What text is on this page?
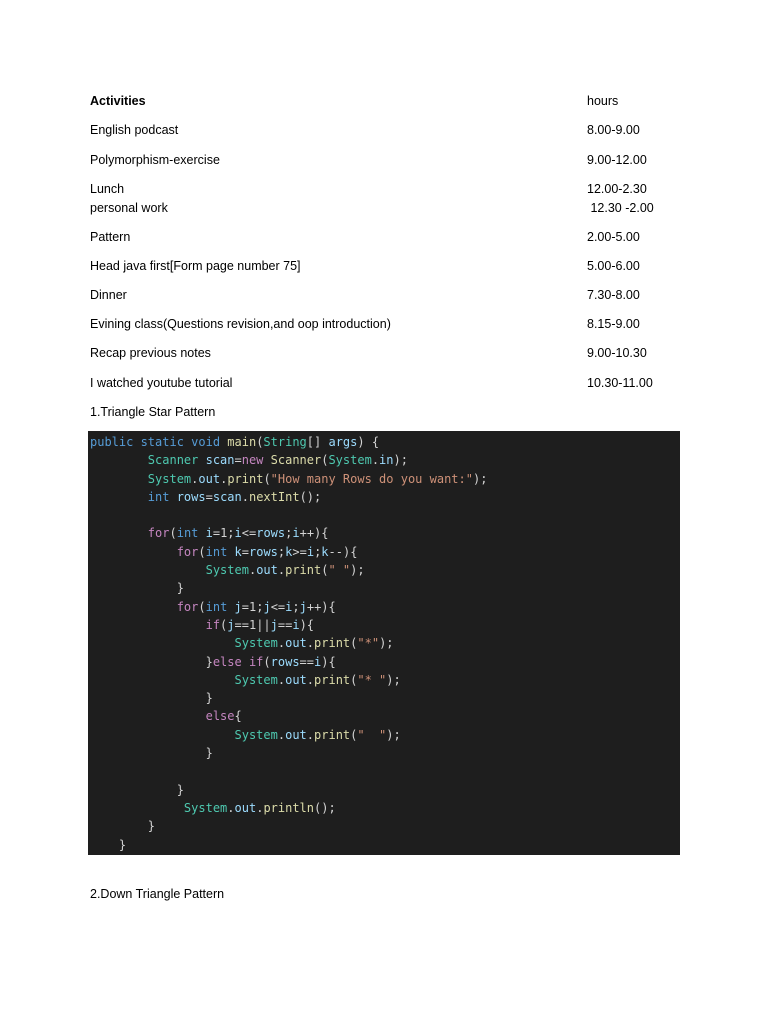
Activities	hours
English podcast	8.00-9.00
Polymorphism-exercise	9.00-12.00
Lunch	12.00-2.30
personal work	12.30 -2.00
Pattern	2.00-5.00
Head java first[Form page number 75]	5.00-6.00
Dinner	7.30-8.00
Evining class(Questions revision,and oop introduction)	8.15-9.00
Recap previous notes	9.00-10.30
I watched youtube tutorial	10.30-11.00
1.Triangle Star Pattern
public static void main(String[] args) {
Scanner scan=new Scanner(System.in);
System.out.print("How many Rows do you want:");
int rows=scan.nextInt();

for(int i=1;i<=rows;i++){
for(int k=rows;k>=i;k--){
System.out.print(" ");
}
for(int j=1;j<=i;j++){
if(j==1||j==i){
System.out.print("*");
}else if(rows==i){
System.out.print("* ");
}
else{
System.out.print("  ");
}

}
System.out.println();
}
}

2.Down Triangle Pattern
